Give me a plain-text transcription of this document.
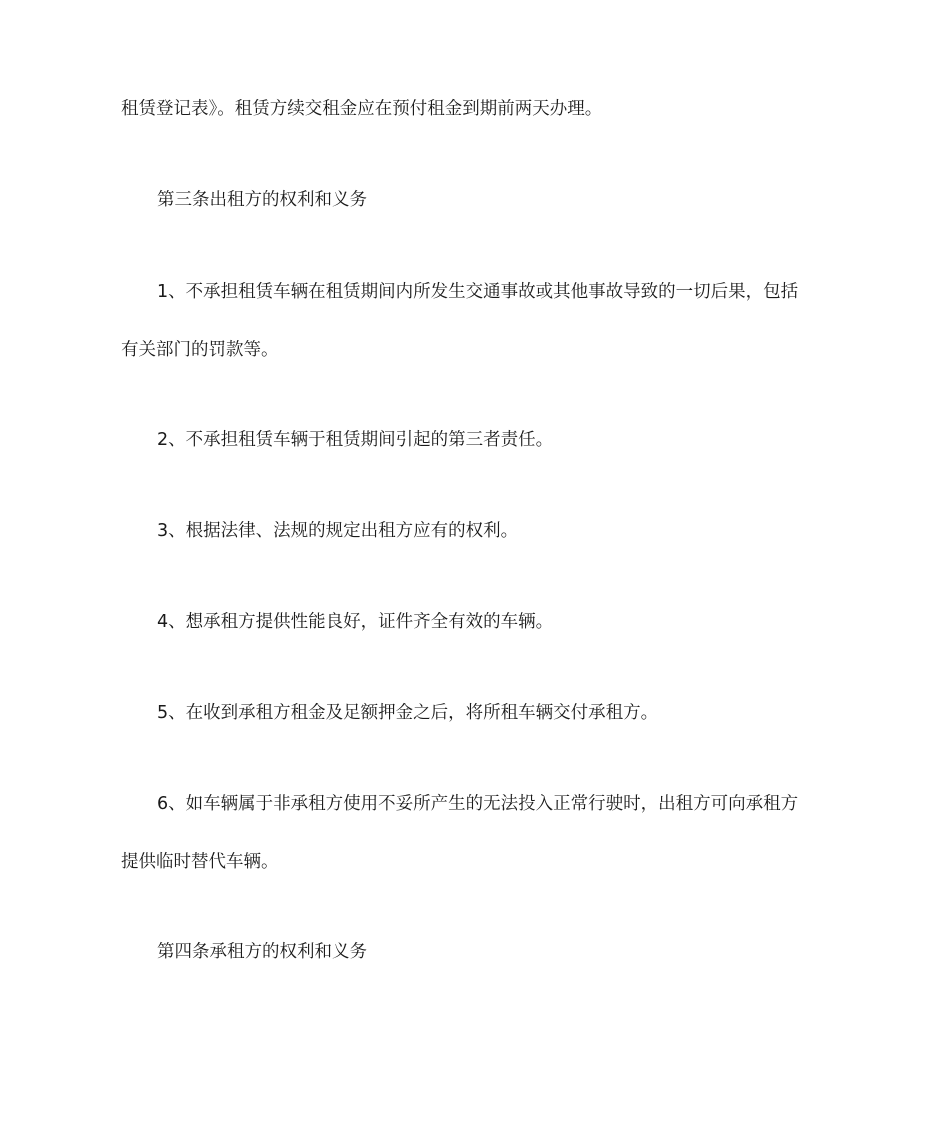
租赁登记表》。租赁方续交租金应在预付租金到期前两天办理。
第三条出租方的权利和义务
1、不承担租赁车辆在租赁期间内所发生交通事故或其他事故导致的一切后果，包括
有关部门的罚款等。
2、不承担租赁车辆于租赁期间引起的第三者责任。
3、根据法律、法规的规定出租方应有的权利。
4、想承租方提供性能良好，证件齐全有效的车辆。
5、在收到承租方租金及足额押金之后，将所租车辆交付承租方。
6、如车辆属于非承租方使用不妥所产生的无法投入正常行驶时，出租方可向承租方
提供临时替代车辆。
第四条承租方的权利和义务
